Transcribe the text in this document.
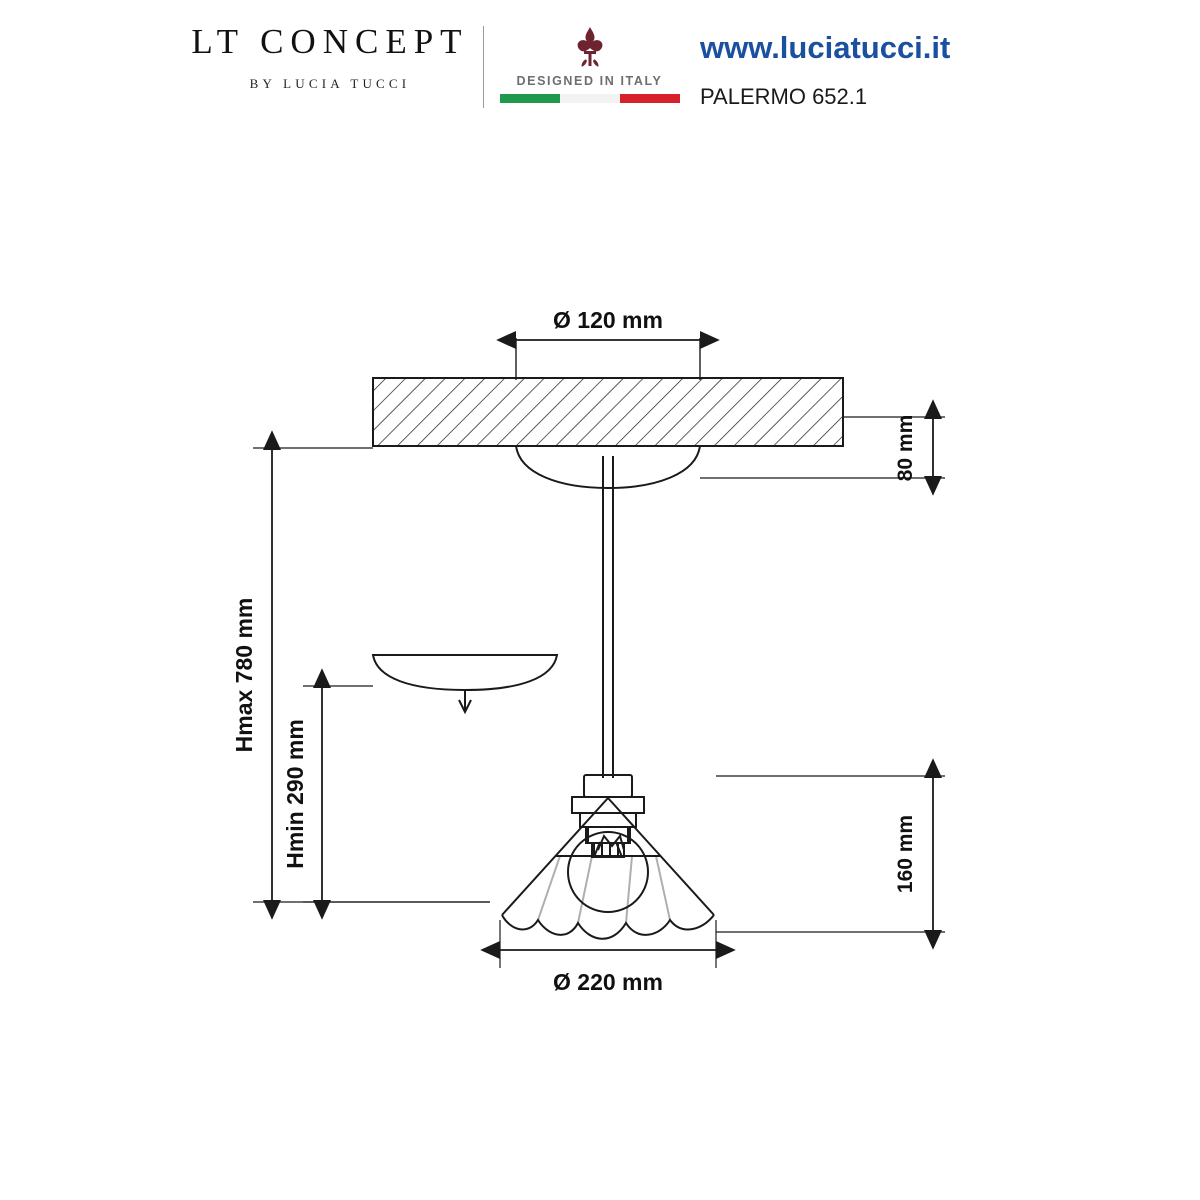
LT CONCEPT
BY LUCIA TUCCI	DESIGNED IN ITALY
www.luciatucci.it
PALERMO 652.1
Ø 120 mm
80 mm
160 mm
Hmax 780 mm
Hmin 290 mm
Ø 220 mm
